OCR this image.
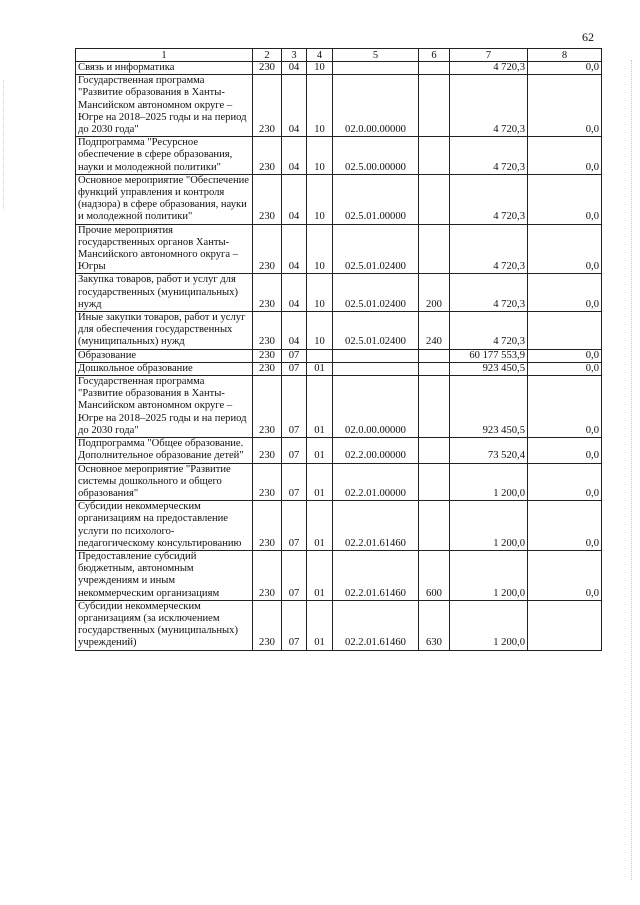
62
1	2	3	4	5	6	7	8
Связь и информатика	230	04	10			4 720,3	0,0
Государственная программа "Развитие образования в Ханты-Мансийском автономном округе – Югре на 2018–2025 годы и на период до 2030 года"	230	04	10	02.0.00.00000		4 720,3	0,0
Подпрограмма "Ресурсное обеспечение в сфере образования, науки и молодежной политики"	230	04	10	02.5.00.00000		4 720,3	0,0
Основное мероприятие "Обеспечение функций управления и контроля (надзора) в сфере образования, науки и молодежной политики"	230	04	10	02.5.01.00000		4 720,3	0,0
Прочие мероприятия государственных органов Ханты-Мансийского автономного округа – Югры	230	04	10	02.5.01.02400		4 720,3	0,0
Закупка товаров, работ и услуг для государственных (муниципальных) нужд	230	04	10	02.5.01.02400	200	4 720,3	0,0
Иные закупки товаров, работ и услуг для обеспечения государственных (муниципальных) нужд	230	04	10	02.5.01.02400	240	4 720,3	
Образование	230	07				60 177 553,9	0,0
Дошкольное образование	230	07	01			923 450,5	0,0
Государственная программа "Развитие образования в Ханты-Мансийском автономном округе – Югре на 2018–2025 годы и на период до 2030 года"	230	07	01	02.0.00.00000		923 450,5	0,0
Подпрограмма "Общее образование. Дополнительное образование детей"	230	07	01	02.2.00.00000		73 520,4	0,0
Основное мероприятие "Развитие системы дошкольного и общего образования"	230	07	01	02.2.01.00000		1 200,0	0,0
Субсидии некоммерческим организациям на предоставление услуги по психолого-педагогическому консультированию	230	07	01	02.2.01.61460		1 200,0	0,0
Предоставление субсидий бюджетным, автономным учреждениям и иным некоммерческим организациям	230	07	01	02.2.01.61460	600	1 200,0	0,0
Субсидии некоммерческим организациям (за исключением государственных (муниципальных) учреждений)	230	07	01	02.2.01.61460	630	1 200,0	
